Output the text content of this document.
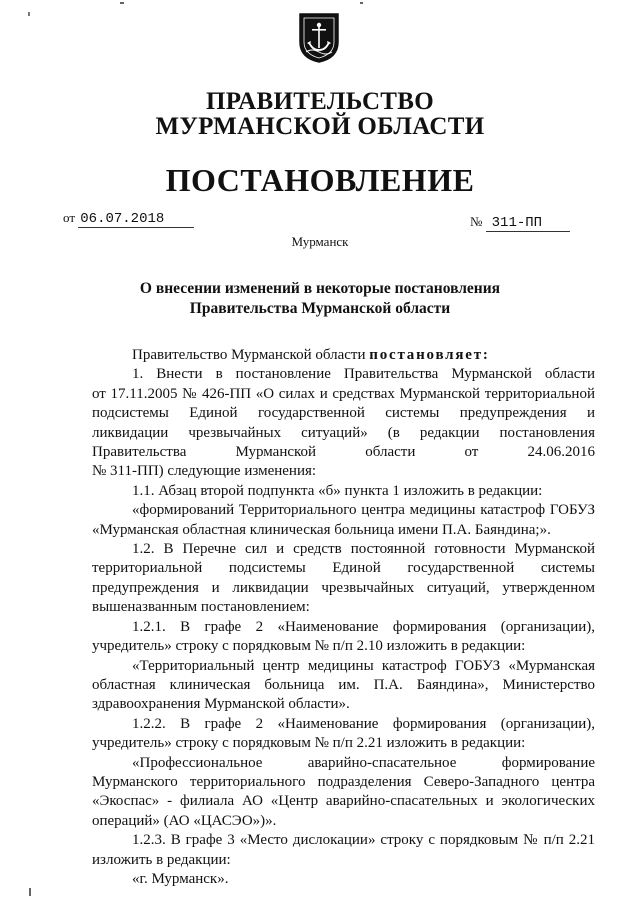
ПРАВИТЕЛЬСТВО
МУРМАНСКОЙ ОБЛАСТИ
ПОСТАНОВЛЕНИЕ
от 06.07.2018	№ 311-ПП
Мурманск
О внесении изменений в некоторые постановления
Правительства Мурманской области

Правительство Мурманской области постановляет:

1. Внести в постановление Правительства Мурманской области

от 17.11.2005 № 426-ПП «О силах и средствах Мурманской территориальной

подсистемы Единой государственной системы предупреждения и

ликвидации чрезвычайных ситуаций» (в редакции постановления

Правительства Мурманской области от 24.06.2016

№ 311-ПП) следующие изменения:

1.1. Абзац второй подпункта «б» пункта 1 изложить в редакции:

«формирований Территориального центра медицины катастроф ГОБУЗ

«Мурманская областная клиническая больница имени П.А. Баяндина;».

1.2. В Перечне сил и средств постоянной готовности Мурманской

территориальной подсистемы Единой государственной системы

предупреждения и ликвидации чрезвычайных ситуаций, утвержденном

вышеназванным постановлением:

1.2.1. В графе 2 «Наименование формирования (организации),

учредитель» строку с порядковым № п/п 2.10 изложить в редакции:

«Территориальный центр медицины катастроф ГОБУЗ «Мурманская

областная клиническая больница им. П.А. Баяндина», Министерство

здравоохранения Мурманской области».

1.2.2. В графе 2 «Наименование формирования (организации),

учредитель» строку с порядковым № п/п 2.21 изложить в редакции:

«Профессиональное аварийно-спасательное формирование

Мурманского территориального подразделения Северо-Западного центра

«Экоспас» - филиала АО «Центр аварийно-спасательных и экологических

операций» (АО «ЦАСЭО»)».

1.2.3. В графе 3 «Место дислокации» строку с порядковым № п/п 2.21

изложить в редакции:

«г. Мурманск».
